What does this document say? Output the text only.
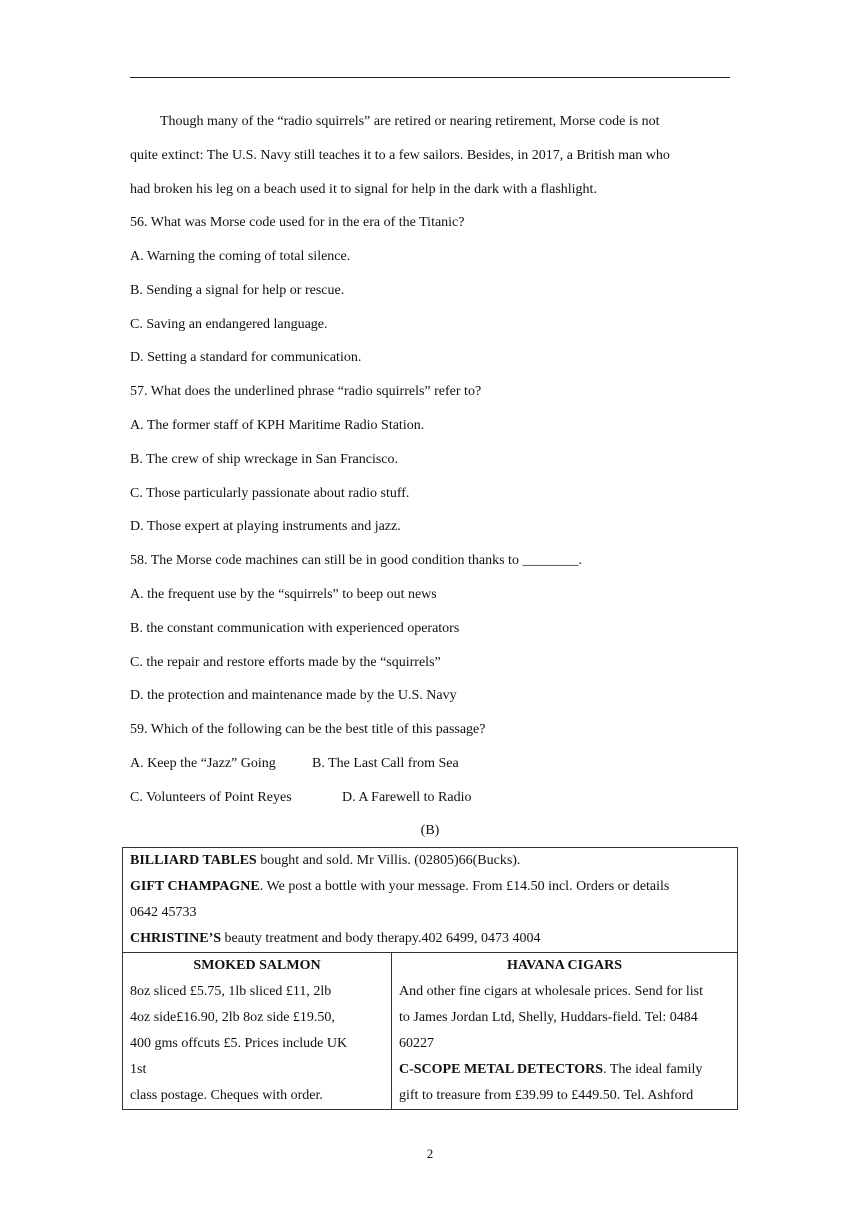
Though many of the “radio squirrels” are retired or nearing retirement, Morse code is not
quite extinct: The U.S. Navy still teaches it to a few sailors. Besides, in 2017, a British man who
had broken his leg on a beach used it to signal for help in the dark with a flashlight.
56. What was Morse code used for in the era of the Titanic?
A. Warning the coming of total silence.
B. Sending a signal for help or rescue.
C. Saving an endangered language.
D. Setting a standard for communication.
57. What does the underlined phrase “radio squirrels” refer to?
A. The former staff of KPH Maritime Radio Station.
B. The crew of ship wreckage in San Francisco.
C. Those particularly passionate about radio stuff.
D. Those expert at playing instruments and jazz.
58. The Morse code machines can still be in good condition thanks to ________.
A. the frequent use by the “squirrels” to beep out news
B. the constant communication with experienced operators
C. the repair and restore efforts made by the “squirrels”
D. the protection and maintenance made by the U.S. Navy
59. Which of the following can be the best title of this passage?
A. Keep the “Jazz” Going	B. The Last Call from Sea
C. Volunteers of Point Reyes	D. A Farewell to Radio
(B)
BILLIARD TABLES bought and sold. Mr Villis. (02805)66(Bucks).
GIFT CHAMPAGNE. We post a bottle with your message. From £14.50 incl. Orders or details
0642 45733
CHRISTINE’S beauty treatment and body therapy.402 6499, 0473 4004

SMOKED SALMON
8oz sliced £5.75, 1lb sliced £11, 2lb
4oz side£16.90, 2lb 8oz side £19.50,
400 gms offcuts £5. Prices include UK
1st
class postage. Cheques with order.

HAVANA CIGARS
And other fine cigars at wholesale prices. Send for list
to James Jordan Ltd, Shelly, Huddars-field. Tel: 0484
60227
C-SCOPE METAL DETECTORS. The ideal family
gift to treasure from £39.99 to £449.50. Tel. Ashford
2
